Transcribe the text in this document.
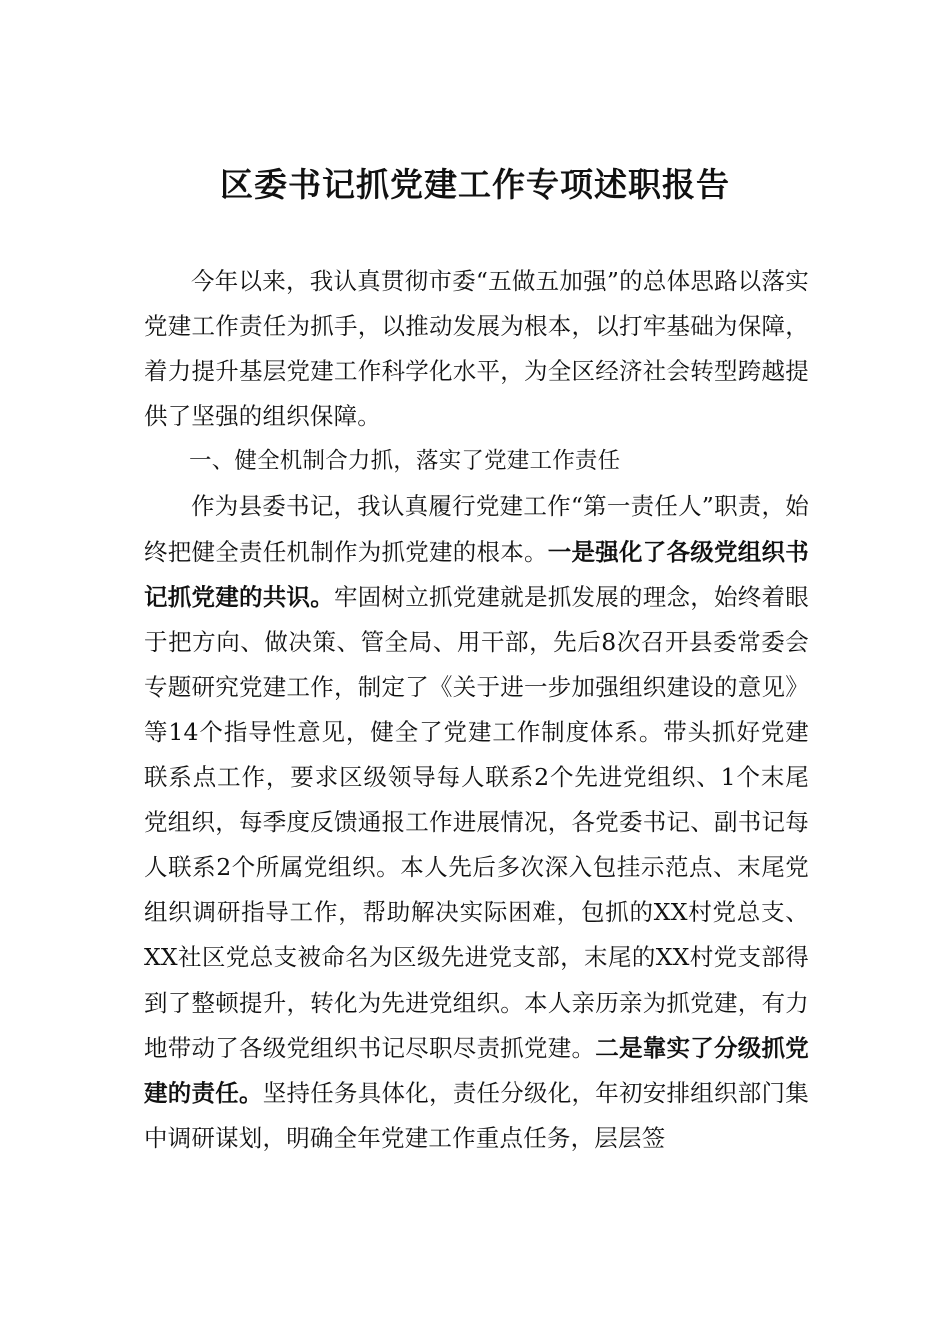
区委书记抓党建工作专项述职报告

今年以来，我认真贯彻市委“五做五加强”的总体思路以落实党建工作责任为抓手，以推动发展为根本，以打牢基础为保障，着力提升基层党建工作科学化水平，为全区经济社会转型跨越提供了坚强的组织保障。

一、健全机制合力抓，落实了党建工作责任

作为县委书记，我认真履行党建工作“第一责任人”职责，始终把健全责任机制作为抓党建的根本。一是强化了各级党组织书记抓党建的共识。牢固树立抓党建就是抓发展的理念，始终着眼于把方向、做决策、管全局、用干部，先后8次召开县委常委会专题研究党建工作，制定了《关于进一步加强组织建设的意见》等14个指导性意见，健全了党建工作制度体系。带头抓好党建联系点工作，要求区级领导每人联系2个先进党组织、1个末尾党组织，每季度反馈通报工作进展情况，各党委书记、副书记每人联系2个所属党组织。本人先后多次深入包挂示范点、末尾党组织调研指导工作，帮助解决实际困难，包抓的XX村党总支、XX社区党总支被命名为区级先进党支部，末尾的XX村党支部得到了整顿提升，转化为先进党组织。本人亲历亲为抓党建，有力地带动了各级党组织书记尽职尽责抓党建。二是靠实了分级抓党建的责任。坚持任务具体化，责任分级化，年初安排组织部门集中调研谋划，明确全年党建工作重点任务，层层签
